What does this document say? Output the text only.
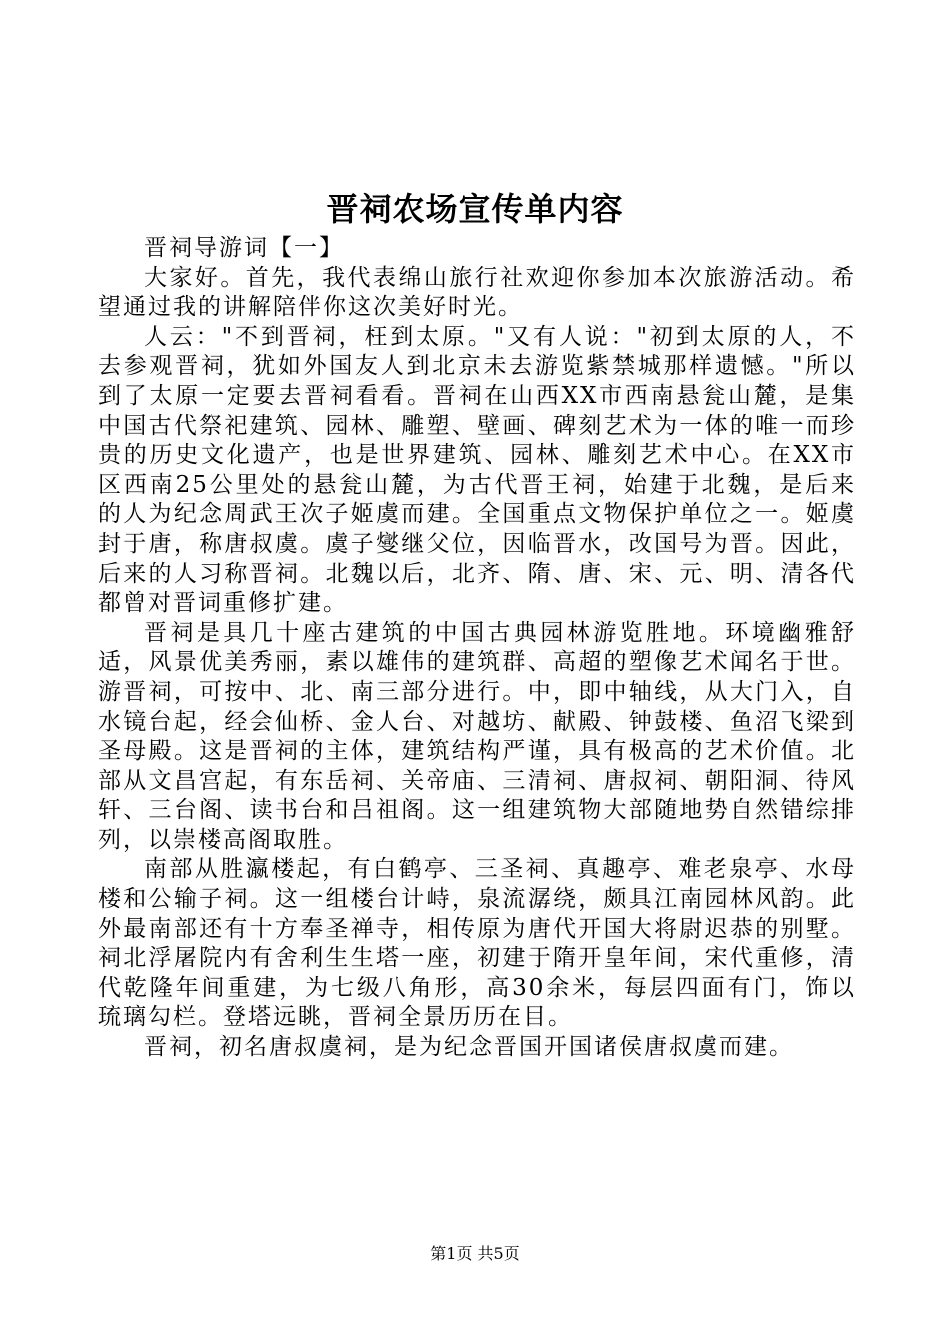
晋祠农场宣传单内容

晋祠导游词【一】

大家好。首先，我代表绵山旅行社欢迎你参加本次旅游活动。希望通过我的讲解陪伴你这次美好时光。

人云："不到晋祠，枉到太原。"又有人说："初到太原的人，不去参观晋祠，犹如外国友人到北京未去游览紫禁城那样遗憾。"所以到了太原一定要去晋祠看看。晋祠在山西XX市西南悬瓮山麓，是集中国古代祭祀建筑、园林、雕塑、壁画、碑刻艺术为一体的唯一而珍贵的历史文化遗产，也是世界建筑、园林、雕刻艺术中心。在XX市区西南25公里处的悬瓮山麓，为古代晋王祠，始建于北魏，是后来的人为纪念周武王次子姬虞而建。全国重点文物保护单位之一。姬虞封于唐，称唐叔虞。虞子燮继父位，因临晋水，改国号为晋。因此，后来的人习称晋祠。北魏以后，北齐、隋、唐、宋、元、明、清各代都曾对晋词重修扩建。

晋祠是具几十座古建筑的中国古典园林游览胜地。环境幽雅舒适，风景优美秀丽，素以雄伟的建筑群、高超的塑像艺术闻名于世。游晋祠，可按中、北、南三部分进行。中，即中轴线，从大门入，自水镜台起，经会仙桥、金人台、对越坊、献殿、钟鼓楼、鱼沼飞梁到圣母殿。这是晋祠的主体，建筑结构严谨，具有极高的艺术价值。北部从文昌宫起，有东岳祠、关帝庙、三清祠、唐叔祠、朝阳洞、待风轩、三台阁、读书台和吕祖阁。这一组建筑物大部随地势自然错综排列，以崇楼高阁取胜。

南部从胜瀛楼起，有白鹤亭、三圣祠、真趣亭、难老泉亭、水母楼和公输子祠。这一组楼台计峙，泉流潺绕，颇具江南园林风韵。此外最南部还有十方奉圣禅寺，相传原为唐代开国大将尉迟恭的别墅。祠北浮屠院内有舍利生生塔一座，初建于隋开皇年间，宋代重修，清代乾隆年间重建，为七级八角形，高30余米，每层四面有门，饰以琉璃勾栏。登塔远眺，晋祠全景历历在目。

晋祠，初名唐叔虞祠，是为纪念晋国开国诸侯唐叔虞而建。

第1页 共5页
